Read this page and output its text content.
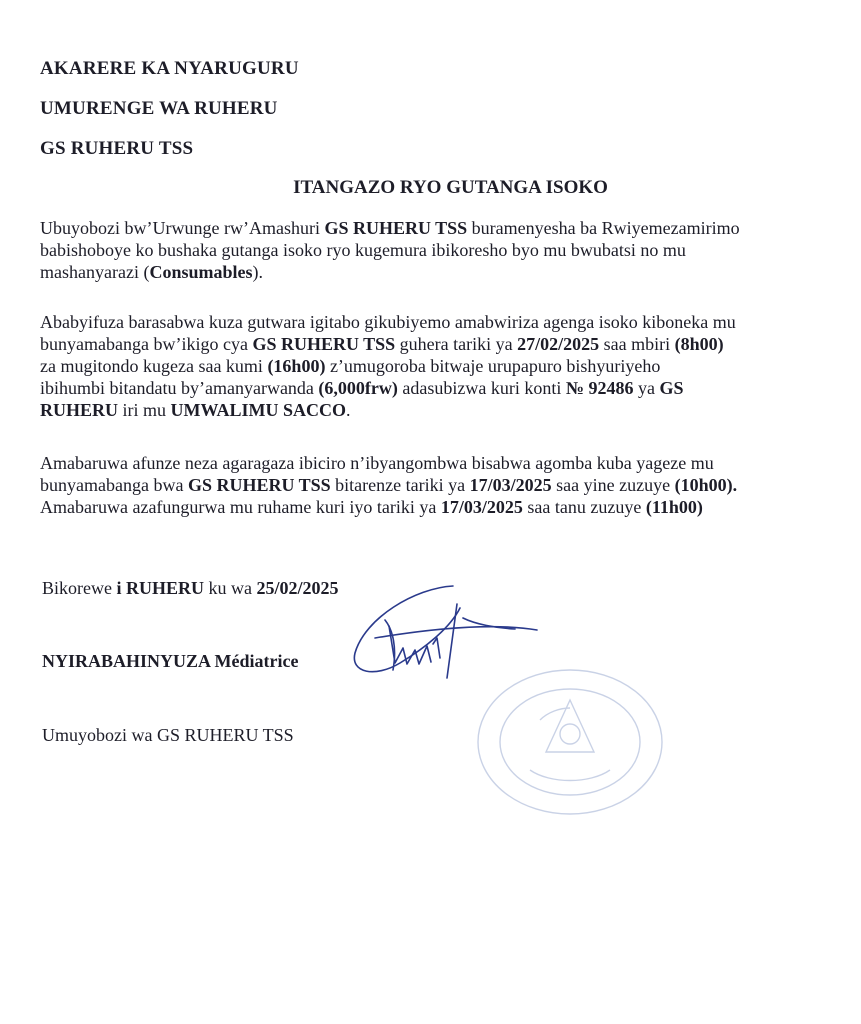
AKARERE KA NYARUGURU
UMURENGE WA RUHERU
GS RUHERU TSS
ITANGAZO RYO GUTANGA ISOKO
Ubuyobozi bw’Urwunge rw’Amashuri GS RUHERU TSS buramenyesha ba Rwiyemezamirimo
babishoboye ko bushaka gutanga isoko ryo kugemura ibikoresho byo mu bwubatsi no mu
mashanyarazi (Consumables).
Ababyifuza barasabwa kuza gutwara igitabo gikubiyemo amabwiriza agenga isoko kiboneka mu
bunyamabanga bw’ikigo cya GS RUHERU TSS guhera tariki ya 27/02/2025 saa mbiri (8h00)
za mugitondo kugeza saa kumi (16h00) z’umugoroba bitwaje urupapuro bishyuriyeho
ibihumbi bitandatu by’amanyarwanda (6,000frw) adasubizwa kuri konti № 92486 ya GS
RUHERU iri mu UMWALIMU SACCO.
Amabaruwa afunze neza agaragaza ibiciro n’ibyangombwa bisabwa agomba kuba yageze mu
bunyamabanga bwa GS RUHERU TSS bitarenze tariki ya 17/03/2025 saa yine zuzuye (10h00).
Amabaruwa azafungurwa mu ruhame kuri iyo tariki ya 17/03/2025 saa tanu zuzuye (11h00)
Bikorewe i RUHERU ku wa 25/02/2025
NYIRABAHINYUZA Médiatrice
Umuyobozi wa GS RUHERU TSS
